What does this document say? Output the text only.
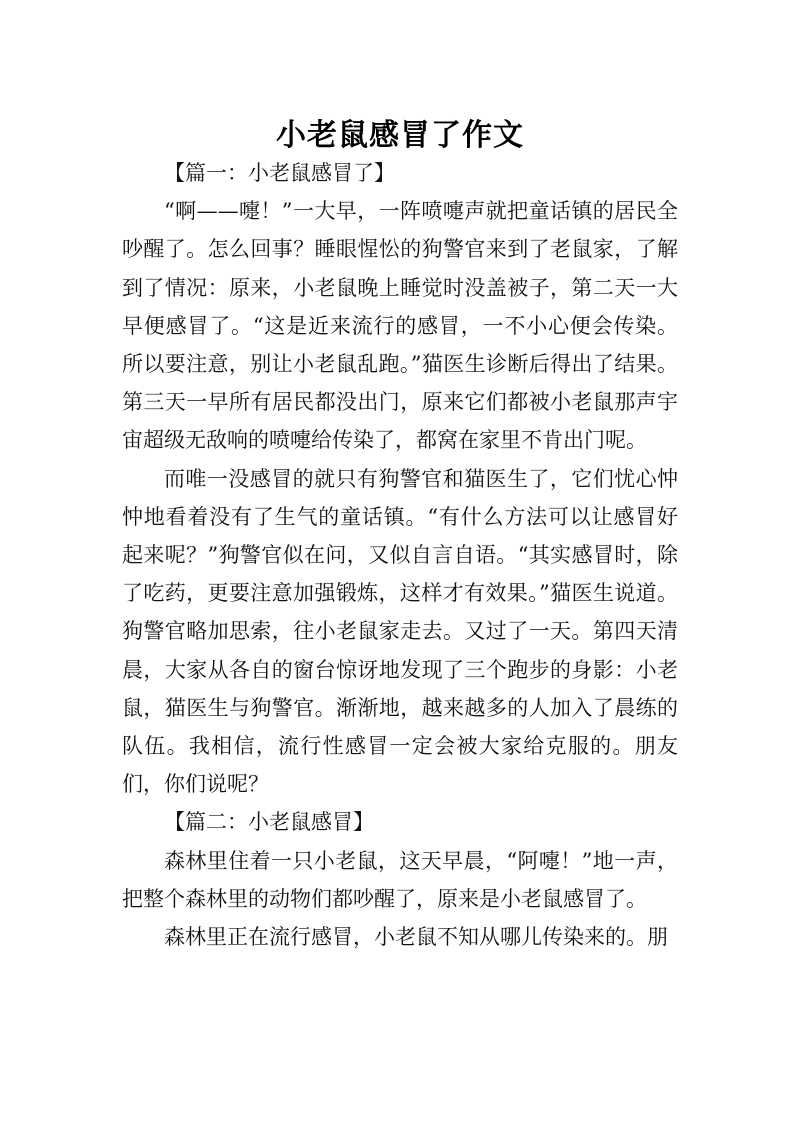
小老鼠感冒了作文

【篇一：小老鼠感冒了】

“啊——嚏！”一大早，一阵喷嚏声就把童话镇的居民全吵醒了。怎么回事？睡眼惺忪的狗警官来到了老鼠家，了解到了情况：原来，小老鼠晚上睡觉时没盖被子，第二天一大早便感冒了。“这是近来流行的感冒，一不小心便会传染。所以要注意，别让小老鼠乱跑。”猫医生诊断后得出了结果。第三天一早所有居民都没出门，原来它们都被小老鼠那声宇宙超级无敌响的喷嚏给传染了，都窝在家里不肯出门呢。

而唯一没感冒的就只有狗警官和猫医生了，它们忧心忡忡地看着没有了生气的童话镇。“有什么方法可以让感冒好起来呢？”狗警官似在问，又似自言自语。“其实感冒时，除了吃药，更要注意加强锻炼，这样才有效果。”猫医生说道。狗警官略加思索，往小老鼠家走去。又过了一天。第四天清晨，大家从各自的窗台惊讶地发现了三个跑步的身影：小老鼠，猫医生与狗警官。渐渐地，越来越多的人加入了晨练的队伍。我相信，流行性感冒一定会被大家给克服的。朋友们，你们说呢？

【篇二：小老鼠感冒】

森林里住着一只小老鼠，这天早晨，“阿嚏！”地一声，把整个森林里的动物们都吵醒了，原来是小老鼠感冒了。

森林里正在流行感冒，小老鼠不知从哪儿传染来的。朋
